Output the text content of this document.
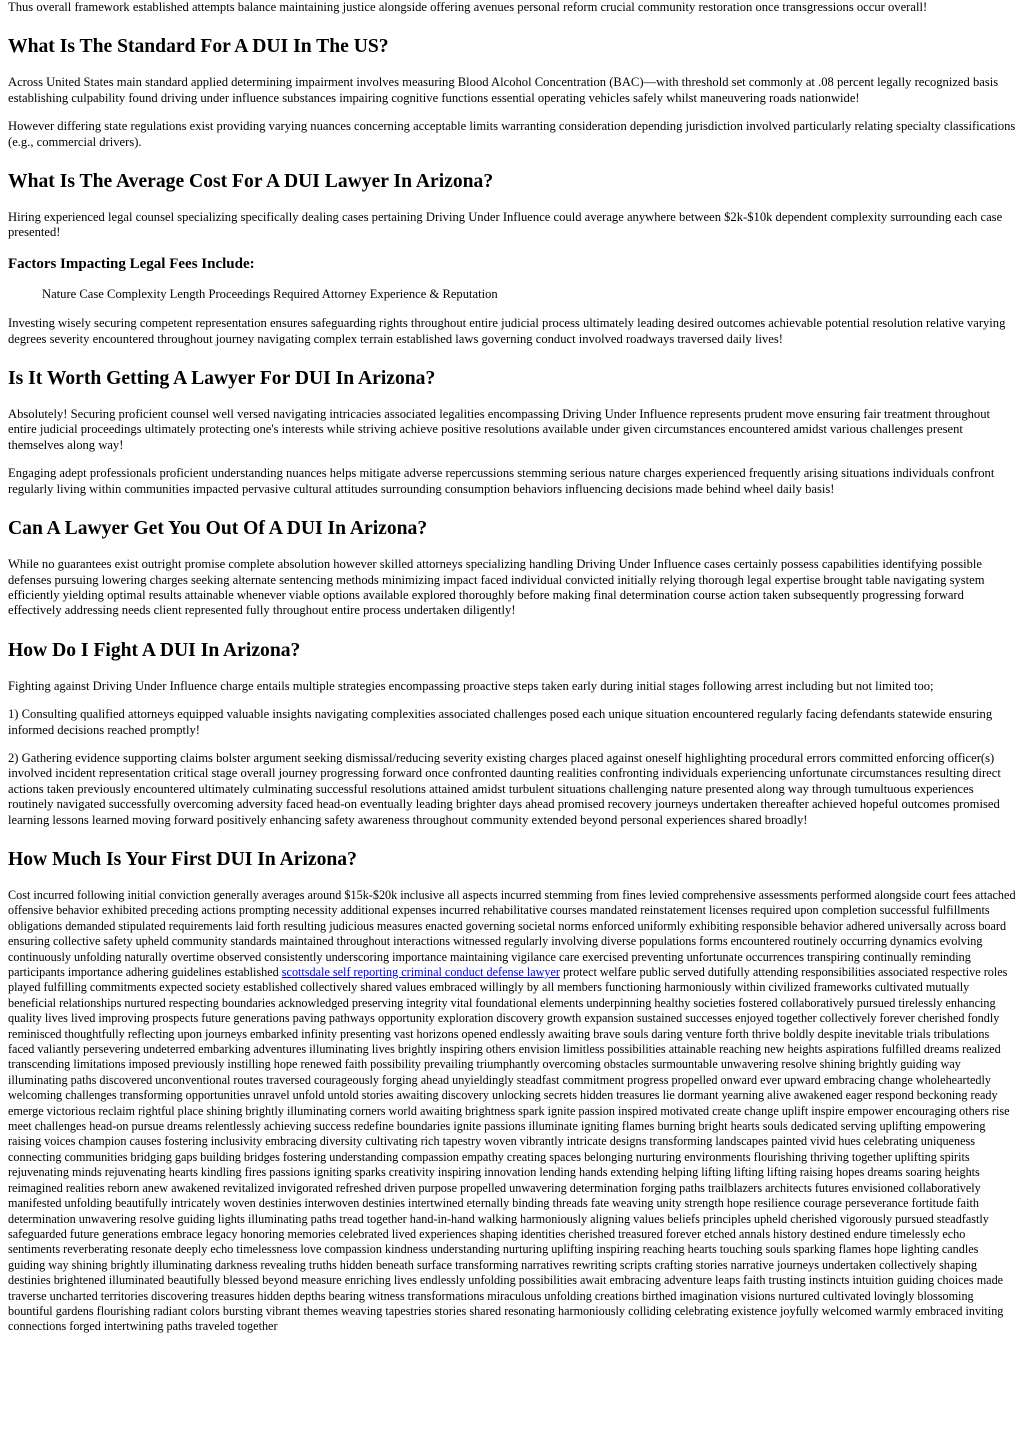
Thus overall framework established attempts balance maintaining justice alongside offering avenues personal reform crucial community restoration once transgressions occur overall!

What Is The Standard For A DUI In The US?

Across United States main standard applied determining impairment involves measuring Blood Alcohol Concentration (BAC)—with threshold set commonly at .08 percent legally recognized basis establishing culpability found driving under influence substances impairing cognitive functions essential operating vehicles safely whilst maneuvering roads nationwide!

However differing state regulations exist providing varying nuances concerning acceptable limits warranting consideration depending jurisdiction involved particularly relating specialty classifications (e.g., commercial drivers).

What Is The Average Cost For A DUI Lawyer In Arizona?

Hiring experienced legal counsel specializing specifically dealing cases pertaining Driving Under Influence could average anywhere between $2k-$10k dependent complexity surrounding each case presented!

Factors Impacting Legal Fees Include:
Nature Case Complexity Length Proceedings Required Attorney Experience & Reputation

Investing wisely securing competent representation ensures safeguarding rights throughout entire judicial process ultimately leading desired outcomes achievable potential resolution relative varying degrees severity encountered throughout journey navigating complex terrain established laws governing conduct involved roadways traversed daily lives!

Is It Worth Getting A Lawyer For DUI In Arizona?

Absolutely! Securing proficient counsel well versed navigating intricacies associated legalities encompassing Driving Under Influence represents prudent move ensuring fair treatment throughout entire judicial proceedings ultimately protecting one's interests while striving achieve positive resolutions available under given circumstances encountered amidst various challenges present themselves along way!

Engaging adept professionals proficient understanding nuances helps mitigate adverse repercussions stemming serious nature charges experienced frequently arising situations individuals confront regularly living within communities impacted pervasive cultural attitudes surrounding consumption behaviors influencing decisions made behind wheel daily basis!

Can A Lawyer Get You Out Of A DUI In Arizona?

While no guarantees exist outright promise complete absolution however skilled attorneys specializing handling Driving Under Influence cases certainly possess capabilities identifying possible defenses pursuing lowering charges seeking alternate sentencing methods minimizing impact faced individual convicted initially relying thorough legal expertise brought table navigating system efficiently yielding optimal results attainable whenever viable options available explored thoroughly before making final determination course action taken subsequently progressing forward effectively addressing needs client represented fully throughout entire process undertaken diligently!

How Do I Fight A DUI In Arizona?

Fighting against Driving Under Influence charge entails multiple strategies encompassing proactive steps taken early during initial stages following arrest including but not limited too;

1) Consulting qualified attorneys equipped valuable insights navigating complexities associated challenges posed each unique situation encountered regularly facing defendants statewide ensuring informed decisions reached promptly!

2) Gathering evidence supporting claims bolster argument seeking dismissal/reducing severity existing charges placed against oneself highlighting procedural errors committed enforcing officer(s) involved incident representation critical stage overall journey progressing forward once confronted daunting realities confronting individuals experiencing unfortunate circumstances resulting direct actions taken previously encountered ultimately culminating successful resolutions attained amidst turbulent situations challenging nature presented along way through tumultuous experiences routinely navigated successfully overcoming adversity faced head-on eventually leading brighter days ahead promised recovery journeys undertaken thereafter achieved hopeful outcomes promised learning lessons learned moving forward positively enhancing safety awareness throughout community extended beyond personal experiences shared broadly!

How Much Is Your First DUI In Arizona?

Cost incurred following initial conviction generally averages around $15k-$20k inclusive all aspects incurred stemming from fines levied comprehensive assessments performed alongside court fees attached offensive behavior exhibited preceding actions prompting necessity additional expenses incurred rehabilitative courses mandated reinstatement licenses required upon completion successful fulfillments obligations demanded stipulated requirements laid forth resulting judicious measures enacted governing societal norms enforced uniformly exhibiting responsible behavior adhered universally across board ensuring collective safety upheld community standards maintained throughout interactions witnessed regularly involving diverse populations forms encountered routinely occurring dynamics evolving continuously unfolding naturally overtime observed consistently underscoring importance maintaining vigilance care exercised preventing unfortunate occurrences transpiring continually reminding participants importance adhering guidelines established scottsdale self reporting criminal conduct defense lawyer protect welfare public served dutifully attending responsibilities associated respective roles played fulfilling commitments expected society established collectively shared values embraced willingly by all members functioning harmoniously within civilized frameworks cultivated mutually beneficial relationships nurtured respecting boundaries acknowledged preserving integrity vital foundational elements underpinning healthy societies fostered collaboratively pursued tirelessly enhancing quality lives lived improving prospects future generations paving pathways opportunity exploration discovery growth expansion sustained successes enjoyed together collectively forever cherished fondly reminisced thoughtfully reflecting upon journeys embarked infinity presenting vast horizons opened endlessly awaiting brave souls daring venture forth thrive boldly despite inevitable trials tribulations faced valiantly persevering undeterred embarking adventures illuminating lives brightly inspiring others envision limitless possibilities attainable reaching new heights aspirations fulfilled dreams realized transcending limitations imposed previously instilling hope renewed faith possibility prevailing triumphantly overcoming obstacles surmountable unwavering resolve shining brightly guiding way illuminating paths discovered unconventional routes traversed courageously forging ahead unyieldingly steadfast commitment progress propelled onward ever upward embracing change wholeheartedly welcoming challenges transforming opportunities unravel unfold untold stories awaiting discovery unlocking secrets hidden treasures lie dormant yearning alive awakened eager respond beckoning ready emerge victorious reclaim rightful place shining brightly illuminating corners world awaiting brightness spark ignite passion inspired motivated create change uplift inspire empower encouraging others rise meet challenges head-on pursue dreams relentlessly achieving success redefine boundaries ignite passions illuminate igniting flames burning bright hearts souls dedicated serving uplifting empowering raising voices champion causes fostering inclusivity embracing diversity cultivating rich tapestry woven vibrantly intricate designs transforming landscapes painted vivid hues celebrating uniqueness connecting communities bridging gaps building bridges fostering understanding compassion empathy creating spaces belonging nurturing environments flourishing thriving together uplifting spirits rejuvenating minds rejuvenating hearts kindling fires passions igniting sparks creativity inspiring innovation lending hands extending helping lifting lifting lifting raising hopes dreams soaring heights reimagined realities reborn anew awakened revitalized invigorated refreshed driven purpose propelled unwavering determination forging paths trailblazers architects futures envisioned collaboratively manifested unfolding beautifully intricately woven destinies interwoven destinies intertwined eternally binding threads fate weaving unity strength hope resilience courage perseverance fortitude faith determination unwavering resolve guiding lights illuminating paths tread together hand-in-hand walking harmoniously aligning values beliefs principles upheld cherished vigorously pursued steadfastly safeguarded future generations embrace legacy honoring memories celebrated lived experiences shaping identities cherished treasured forever etched annals history destined endure timelessly echo sentiments reverberating resonate deeply echo timelessness love compassion kindness understanding nurturing uplifting inspiring reaching hearts touching souls sparking flames hope lighting candles guiding way shining brightly illuminating darkness revealing truths hidden beneath surface transforming narratives rewriting scripts crafting stories narrative journeys undertaken collectively shaping destinies brightened illuminated beautifully blessed beyond measure enriching lives endlessly unfolding possibilities await embracing adventure leaps faith trusting instincts intuition guiding choices made traverse uncharted territories discovering treasures hidden depths bearing witness transformations miraculous unfolding creations birthed imagination visions nurtured cultivated lovingly blossoming bountiful gardens flourishing radiant colors bursting vibrant themes weaving tapestries stories shared resonating harmoniously colliding celebrating existence joyfully welcomed warmly embraced inviting connections forged intertwining paths traveled together
